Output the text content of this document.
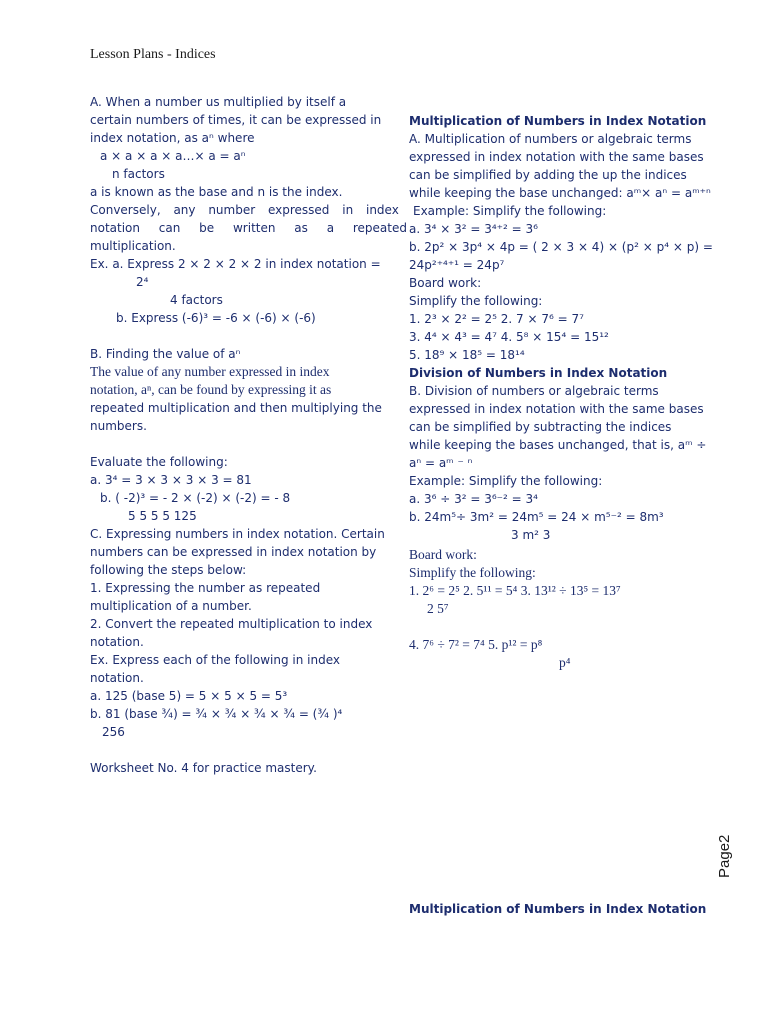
Lesson Plans - Indices
A. When a number us multiplied by itself a
certain numbers of times, it can be expressed in
index notation, as aⁿ where
a × a × a × a…× a = aⁿ
n factors
a is known as the base and n is the index.
Conversely, any number expressed in index
notation can be written as a repeated
multiplication.
Ex. a. Express 2 × 2 × 2 × 2 in index notation =
2⁴
4 factors
b. Express (-6)³ = -6 × (-6) × (-6)
B. Finding the value of aⁿ
The value of any number expressed in index
notation, aⁿ, can be found by expressing it as
repeated multiplication and then multiplying the
numbers.
Evaluate the following:
a. 3⁴ = 3 × 3 × 3 × 3 = 81
b. ( -2)³ = - 2 × (-2) × (-2) = - 8
5 5 5 5 125
C. Expressing numbers in index notation. Certain
numbers can be expressed in index notation by
following the steps below:
1. Expressing the number as repeated
multiplication of a number.
2. Convert the repeated multiplication to index
notation.
Ex. Express each of the following in index
notation.
a. 125 (base 5) = 5 × 5 × 5 = 5³
b. 81 (base ¾) = ¾ × ¾ × ¾ × ¾ = (¾ )⁴
256
Worksheet No. 4 for practice mastery.
Multiplication of Numbers in Index Notation
A. Multiplication of numbers or algebraic terms
expressed in index notation with the same bases
can be simplified by adding the up the indices
while keeping the base unchanged: aᵐ× aⁿ = aᵐ⁺ⁿ
Example: Simplify the following:
a. 3⁴ × 3² = 3⁴⁺² = 3⁶
b. 2p² × 3p⁴ × 4p = ( 2 × 3 × 4) × (p² × p⁴ × p) =
24p²⁺⁴⁺¹ = 24p⁷
Board work:
Simplify the following:
1. 2³ × 2² = 2⁵ 2. 7 × 7⁶ = 7⁷
3. 4⁴ × 4³ = 4⁷ 4. 5⁸ × 15⁴ = 15¹²
5. 18⁹ × 18⁵ = 18¹⁴
Division of Numbers in Index Notation
B. Division of numbers or algebraic terms
expressed in index notation with the same bases
can be simplified by subtracting the indices
while keeping the bases unchanged, that is, aᵐ ÷
aⁿ = aᵐ ⁻ ⁿ
Example: Simplify the following:
a. 3⁶ ÷ 3² = 3⁶⁻² = 3⁴
b. 24m⁵÷ 3m² = 24m⁵ = 24 × m⁵⁻² = 8m³
3 m² 3
Board work:
Simplify the following:
1. 2⁶ = 2⁵ 2. 5¹¹ = 5⁴ 3. 13¹² ÷ 13⁵ = 13⁷
2 5⁷
4. 7⁶ ÷ 7² = 7⁴ 5. p¹² = p⁸
p⁴
Multiplication of Numbers in Index Notation
Page2
